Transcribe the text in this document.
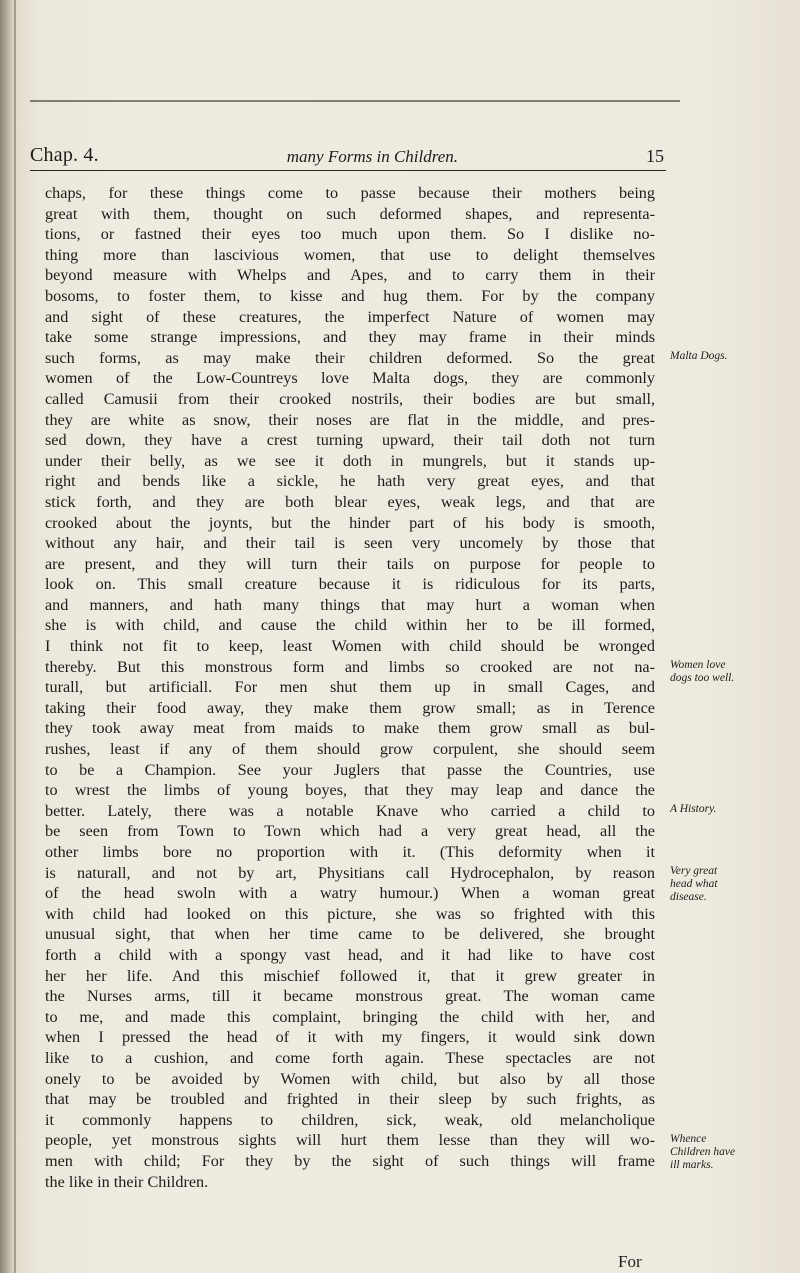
Chap. 4.	many Forms in Children.	15
chaps, for these things come to passe because their mothers being
great with them, thought on such deformed shapes, and representa-
tions, or fastned their eyes too much upon them. So I dislike no-
thing more than lascivious women, that use to delight themselves
beyond measure with Whelps and Apes, and to carry them in their
bosoms, to foster them, to kisse and hug them. For by the company
and sight of these creatures, the imperfect Nature of women may
take some strange impressions, and they may frame in their minds
such forms, as may make their children deformed. So the great
women of the Low-Countreys love Malta dogs, they are commonly
called Camusii from their crooked nostrils, their bodies are but small,
they are white as snow, their noses are flat in the middle, and pres-
sed down, they have a crest turning upward, their tail doth not turn
under their belly, as we see it doth in mungrels, but it stands up-
right and bends like a sickle, he hath very great eyes, and that
stick forth, and they are both blear eyes, weak legs, and that are
crooked about the joynts, but the hinder part of his body is smooth,
without any hair, and their tail is seen very uncomely by those that
are present, and they will turn their tails on purpose for people to
look on. This small creature because it is ridiculous for its parts,
and manners, and hath many things that may hurt a woman when
she is with child, and cause the child within her to be ill formed,
I think not fit to keep, least Women with child should be wronged
thereby. But this monstrous form and limbs so crooked are not na-
turall, but artificiall. For men shut them up in small Cages, and
taking their food away, they make them grow small; as in Terence
they took away meat from maids to make them grow small as bul-
rushes, least if any of them should grow corpulent, she should seem
to be a Champion. See your Juglers that passe the Countries, use
to wrest the limbs of young boyes, that they may leap and dance the
better. Lately, there was a notable Knave who carried a child to
be seen from Town to Town which had a very great head, all the
other limbs bore no proportion with it. (This deformity when it
is naturall, and not by art, Physitians call Hydrocephalon, by reason
of the head swoln with a watry humour.) When a woman great
with child had looked on this picture, she was so frighted with this
unusual sight, that when her time came to be delivered, she brought
forth a child with a spongy vast head, and it had like to have cost
her her life. And this mischief followed it, that it grew greater in
the Nurses arms, till it became monstrous great. The woman came
to me, and made this complaint, bringing the child with her, and
when I pressed the head of it with my fingers, it would sink down
like to a cushion, and come forth again. These spectacles are not
onely to be avoided by Women with child, but also by all those
that may be troubled and frighted in their sleep by such frights, as
it commonly happens to children, sick, weak, old melancholique
people, yet monstrous sights will hurt them lesse than they will wo-
men with child; For they by the sight of such things will frame
the like in their Children.
Malta Dogs.
Women love dogs too well.
A History.
Very great head what disease.
Whence Children have ill marks.
For
